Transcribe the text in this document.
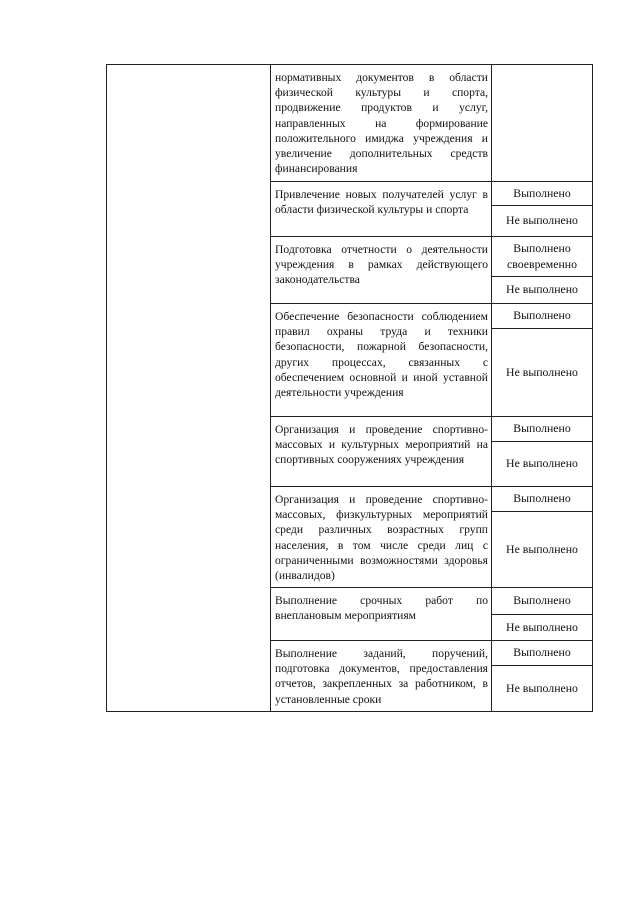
	нормативных документов в области физической культуры и спорта, продвижение продуктов и услуг, направленных на формирование положительного имиджа учреждения и увеличение дополнительных средств финансирования	

	Привлечение новых получателей услуг в области физической культуры и спорта	Выполнено
		Не выполнено

	Подготовка отчетности о деятельности учреждения в рамках действующего законодательства	Выполнено своевременно
		Не выполнено

	Обеспечение безопасности соблюдением правил охраны труда и техники безопасности, пожарной безопасности, других процессах, связанных с обеспечением основной и иной уставной деятельности учреждения	Выполнено
		Не выполнено

	Организация и проведение спортивно-массовых и культурных мероприятий на спортивных сооружениях учреждения	Выполнено
		Не выполнено

	Организация и проведение спортивно-массовых, физкультурных мероприятий среди различных возрастных групп населения, в том числе среди лиц с ограниченными возможностями здоровья (инвалидов)	Выполнено
		Не выполнено

	Выполнение срочных работ по внеплановым мероприятиям	Выполнено
		Не выполнено

	Выполнение заданий, поручений, подготовка документов, предоставления отчетов, закрепленных за работником, в установленные сроки	Выполнено
		Не выполнено
